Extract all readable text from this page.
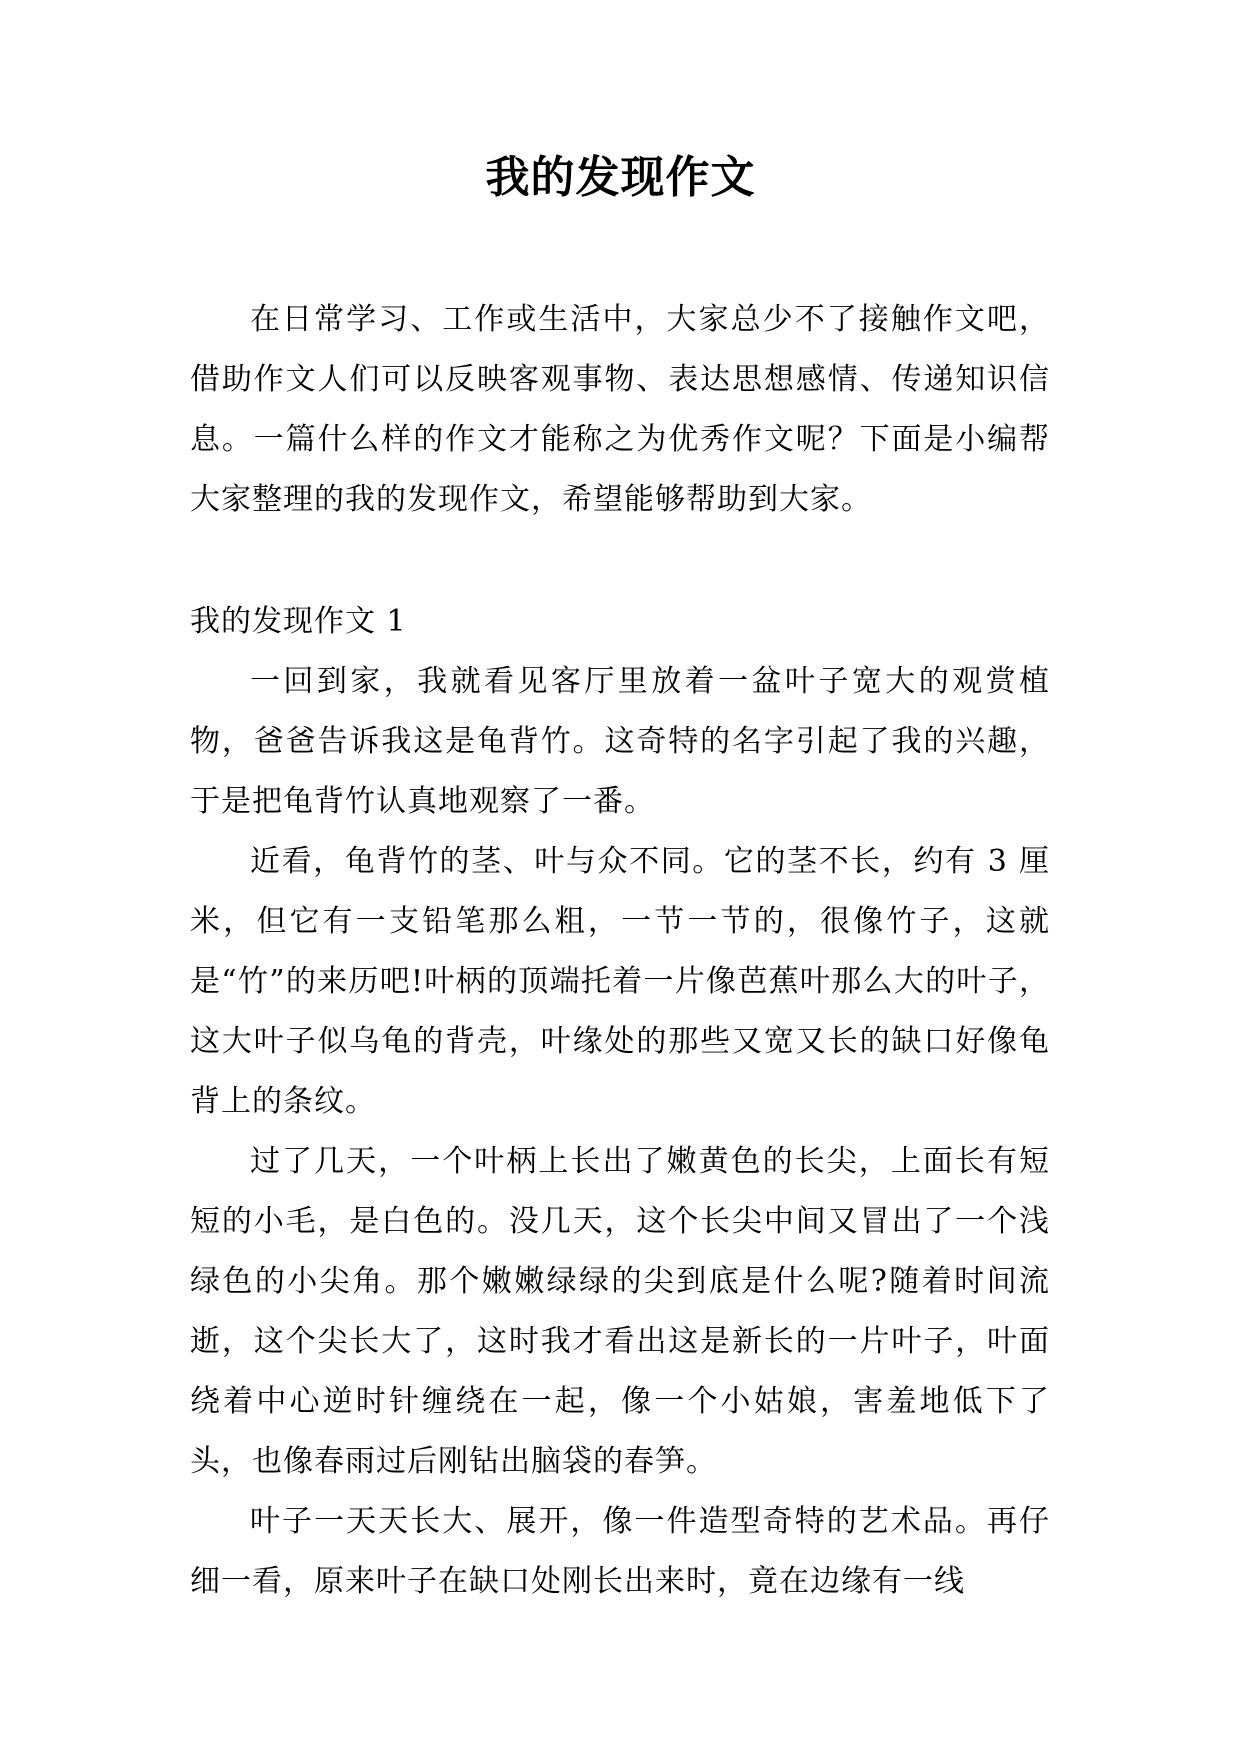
我的发现作文

在日常学习、工作或生活中，大家总少不了接触作文吧，借助作文人们可以反映客观事物、表达思想感情、传递知识信息。一篇什么样的作文才能称之为优秀作文呢？下面是小编帮大家整理的我的发现作文，希望能够帮助到大家。

我的发现作文 1

一回到家，我就看见客厅里放着一盆叶子宽大的观赏植物，爸爸告诉我这是龟背竹。这奇特的名字引起了我的兴趣，于是把龟背竹认真地观察了一番。

近看，龟背竹的茎、叶与众不同。它的茎不长，约有 3 厘米，但它有一支铅笔那么粗，一节一节的，很像竹子，这就是“竹”的来历吧!叶柄的顶端托着一片像芭蕉叶那么大的叶子，这大叶子似乌龟的背壳，叶缘处的那些又宽又长的缺口好像龟背上的条纹。

过了几天，一个叶柄上长出了嫩黄色的长尖，上面长有短短的小毛，是白色的。没几天，这个长尖中间又冒出了一个浅绿色的小尖角。那个嫩嫩绿绿的尖到底是什么呢?随着时间流逝，这个尖长大了，这时我才看出这是新长的一片叶子，叶面绕着中心逆时针缠绕在一起，像一个小姑娘，害羞地低下了头，也像春雨过后刚钻出脑袋的春笋。

叶子一天天长大、展开，像一件造型奇特的艺术品。再仔细一看，原来叶子在缺口处刚长出来时，竟在边缘有一线
